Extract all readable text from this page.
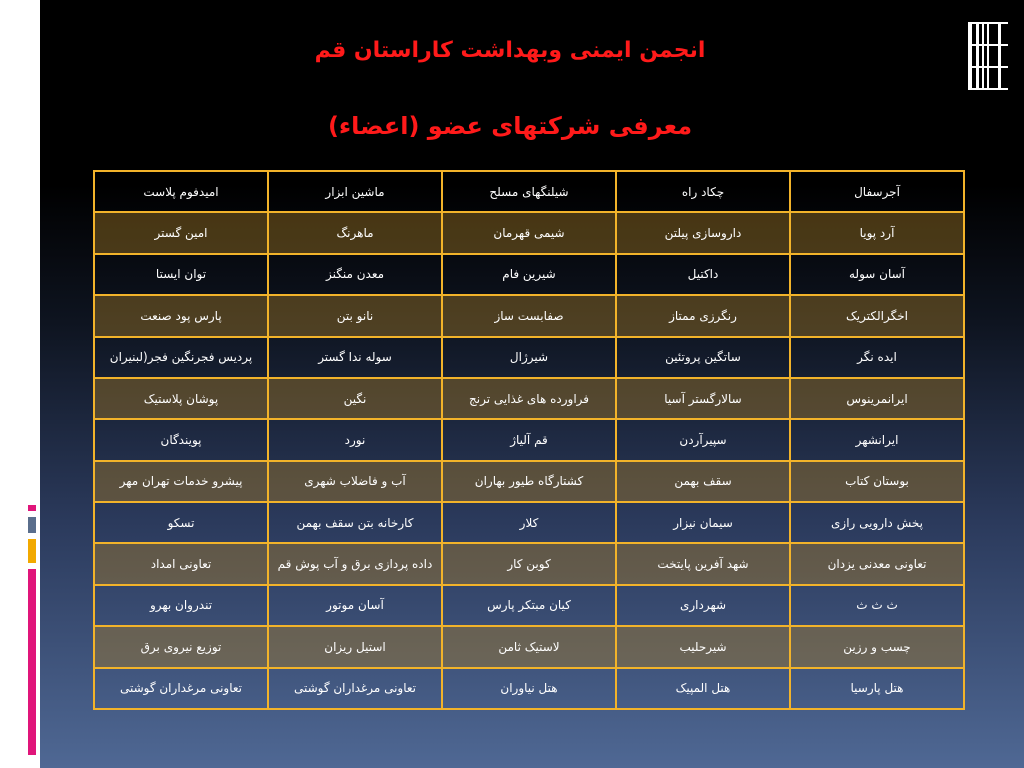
انجمن ایمنی وبهداشت کاراستان قم
معرفی شرکتهای عضو (اعضاء)
آجرسفال	چکاد راه	شیلنگهای مسلح	ماشین ابزار	امیدفوم پلاست
آرد پویا	داروسازی پیلتن	شیمی قهرمان	ماهرنگ	امین گستر
آسان سوله	داکتیل	شیرین فام	معدن منگنز	توان ایستا
اخگرالکتریک	رنگرزی ممتاز	صفابست ساز	نانو بتن	پارس پود صنعت
ایده نگر	ساتگین پروتئین	شیرژال	سوله ندا گستر	پردیس فجرنگین فجر(لبنیران
ایرانمرینوس	سالارگستر آسیا	فراورده های غذایی ترنج	نگین	پوشان پلاستیک
ایرانشهر	سپیرآردن	قم آلیاژ	نورد	پویندگان
بوستان کتاب	سقف بهمن	کشتارگاه طیور بهاران	آب و فاضلاب شهری	پیشرو خدمات تهران مهر
پخش دارویی رازی	سیمان نیزار	کلار	کارخانه بتن سقف بهمن	تسکو
تعاونی معدنی یزدان	شهد آفرین پایتخت	کوبن کار	داده پردازی برق و آب پوش قم	تعاونی امداد
ث ث ث	شهرداری	کیان مبتکر پارس	آسان موتور	تندروان بهرو
چسب و رزین	شیرحلیب	لاستیک ثامن	استیل ریزان	توزیع نیروی برق
هتل پارسیا	هتل المپیک	هتل نیاوران	تعاونی مرغداران گوشتی	تعاونی مرغداران گوشتی
